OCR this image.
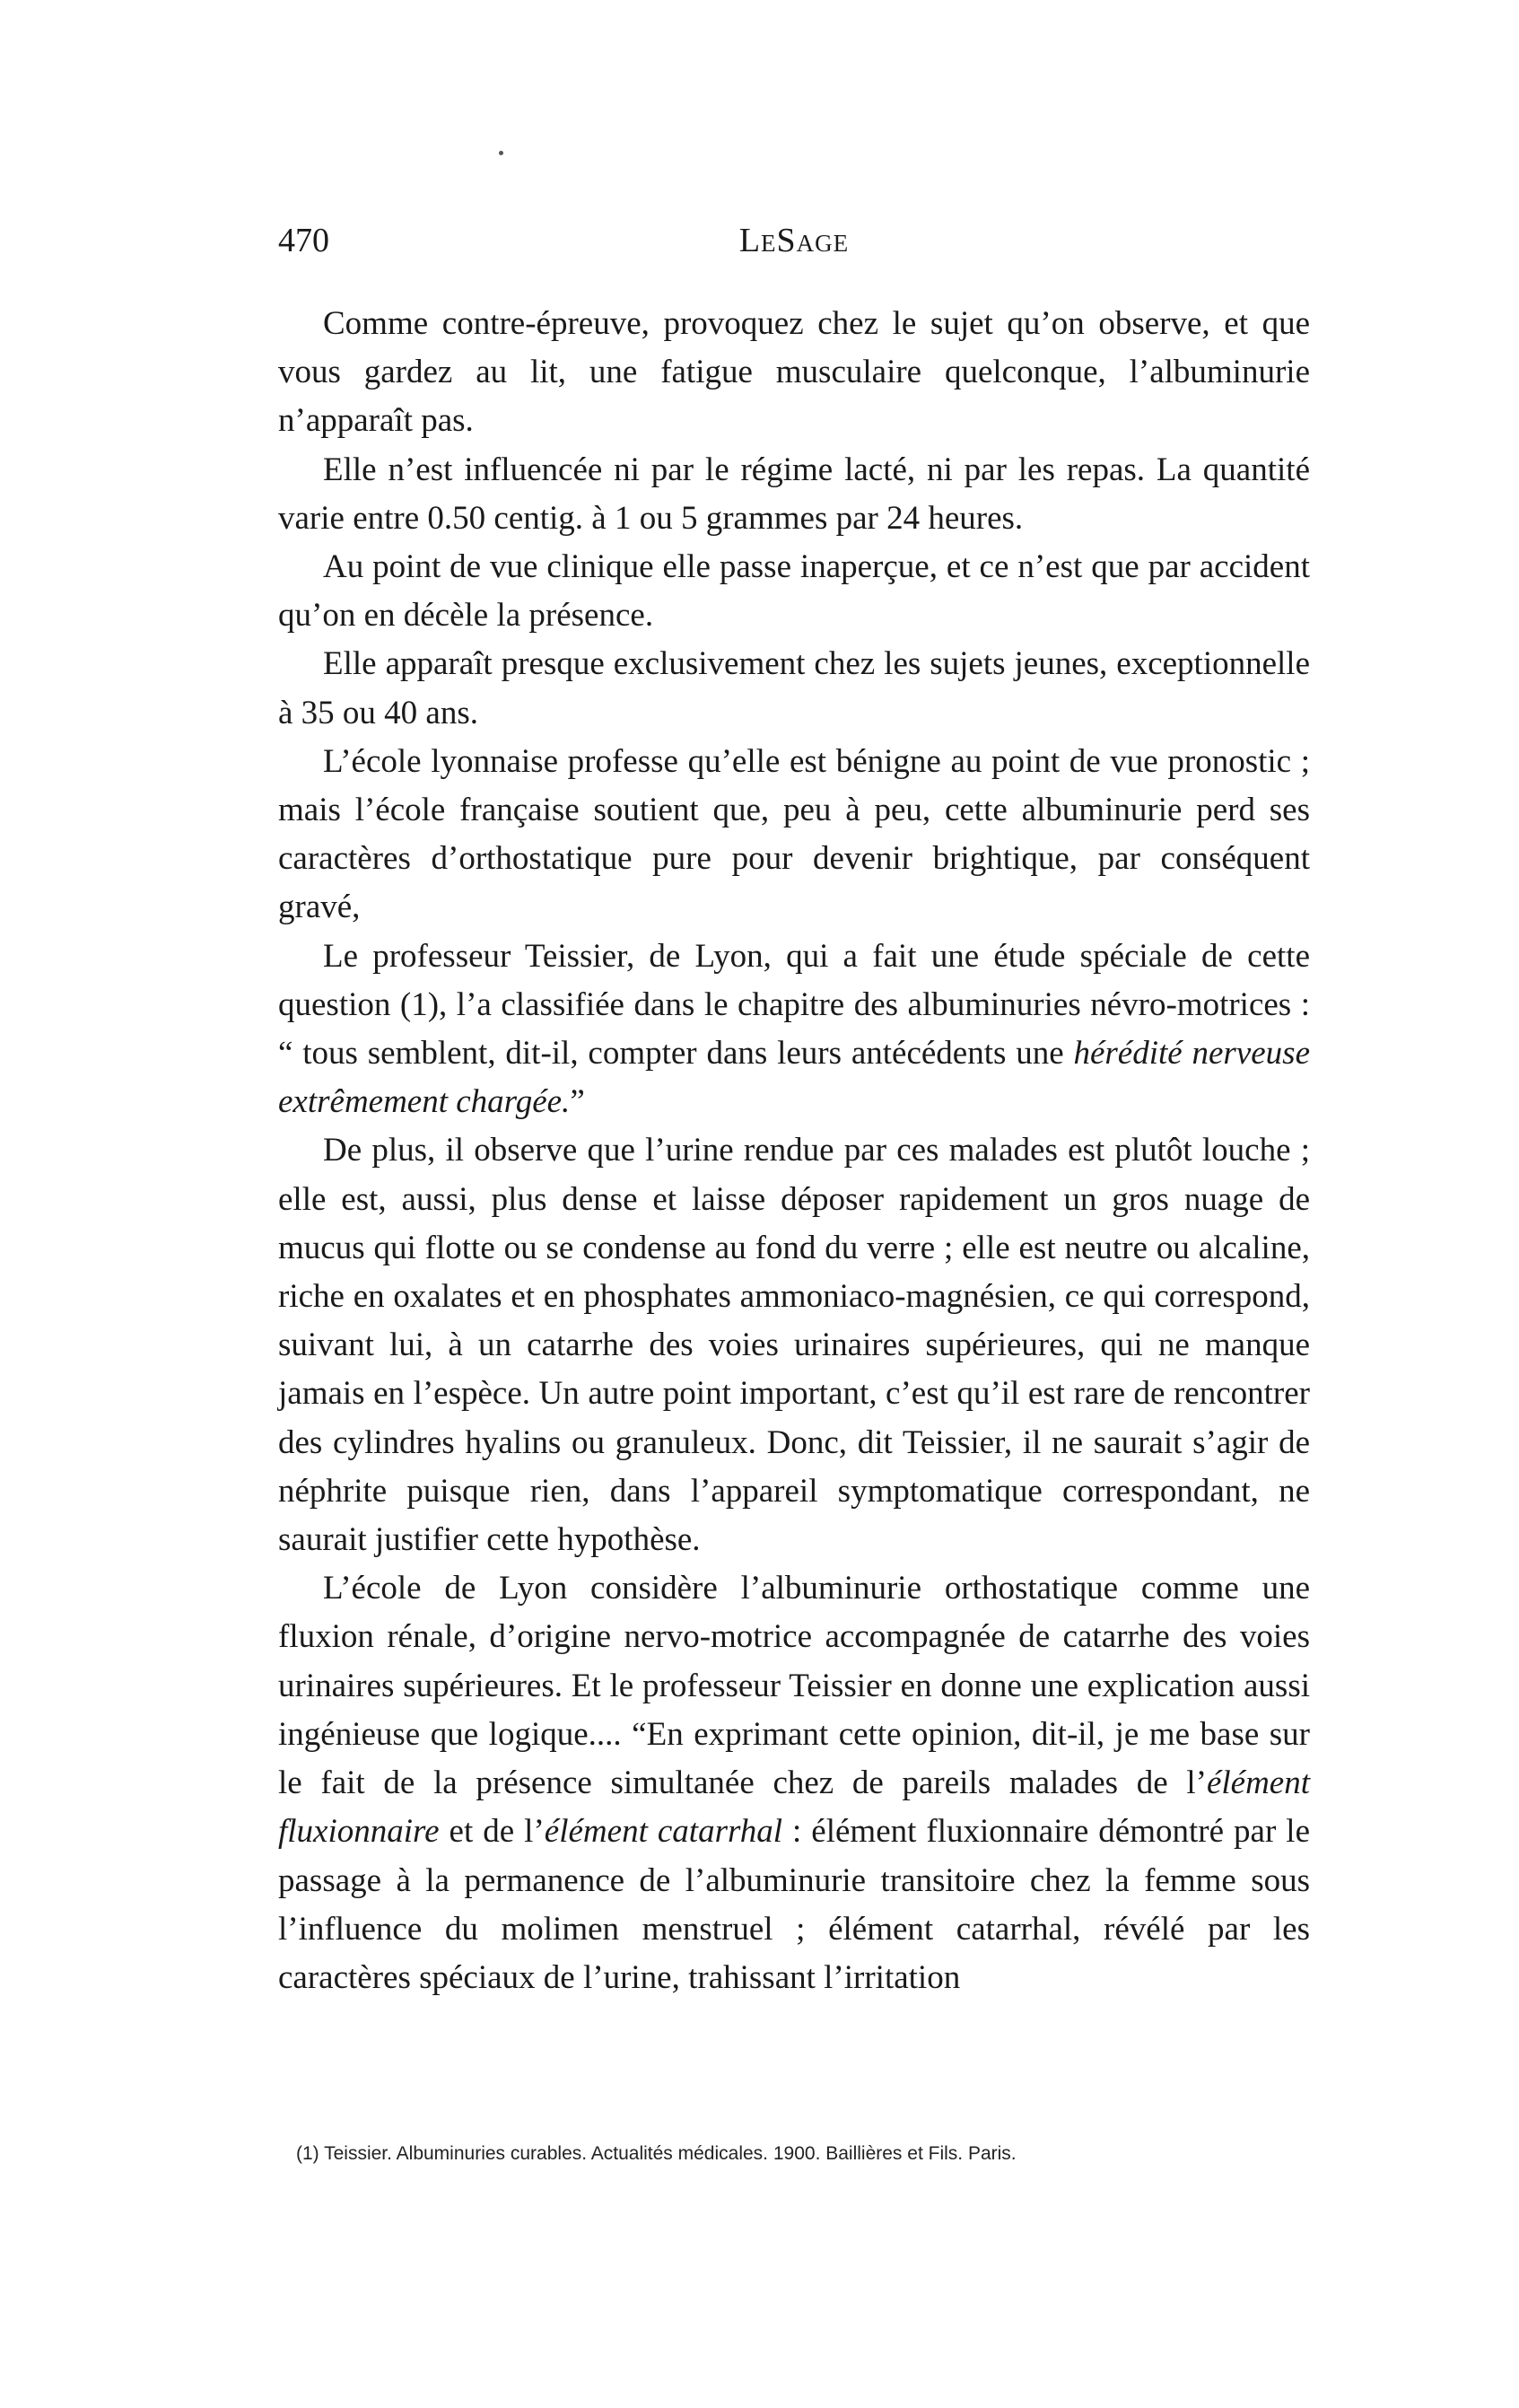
470	LeSage

Comme contre-épreuve, provoquez chez le sujet qu’on observe, et que vous gardez au lit, une fatigue musculaire quelconque, l’albuminurie n’apparaît pas.

Elle n’est influencée ni par le régime lacté, ni par les repas. La quantité varie entre 0.50 centig. à 1 ou 5 grammes par 24 heures.

Au point de vue clinique elle passe inaperçue, et ce n’est que par accident qu’on en décèle la présence.

Elle apparaît presque exclusivement chez les sujets jeunes, exceptionnelle à 35 ou 40 ans.

L’école lyonnaise professe qu’elle est bénigne au point de vue pronostic ; mais l’école française soutient que, peu à peu, cette albuminurie perd ses caractères d’orthostatique pure pour devenir brightique, par conséquent gravé,

Le professeur Teissier, de Lyon, qui a fait une étude spéciale de cette question (1), l’a classifiée dans le chapitre des albuminuries névro-motrices : “ tous semblent, dit-il, compter dans leurs antécédents une hérédité nerveuse extrêmement chargée.”

De plus, il observe que l’urine rendue par ces malades est plutôt louche ; elle est, aussi, plus dense et laisse déposer rapidement un gros nuage de mucus qui flotte ou se condense au fond du verre ; elle est neutre ou alcaline, riche en oxalates et en phosphates ammoniaco-magnésien, ce qui correspond, suivant lui, à un catarrhe des voies urinaires supérieures, qui ne manque jamais en l’espèce. Un autre point important, c’est qu’il est rare de rencontrer des cylindres hyalins ou granuleux. Donc, dit Teissier, il ne saurait s’agir de néphrite puisque rien, dans l’appareil symptomatique correspondant, ne saurait justifier cette hypothèse.

L’école de Lyon considère l’albuminurie orthostatique comme une fluxion rénale, d’origine nervo-motrice accompagnée de catarrhe des voies urinaires supérieures. Et le professeur Teissier en donne une explication aussi ingénieuse que logique.... “En exprimant cette opinion, dit-il, je me base sur le fait de la présence simultanée chez de pareils malades de l’élément fluxionnaire et de l’élément catarrhal : élément fluxionnaire démontré par le passage à la permanence de l’albuminurie transitoire chez la femme sous l’influence du molimen menstruel ; élément catarrhal, révélé par les caractères spéciaux de l’urine, trahissant l’irritation

(1) Teissier. Albuminuries curables. Actualités médicales. 1900. Baillières et Fils. Paris.
